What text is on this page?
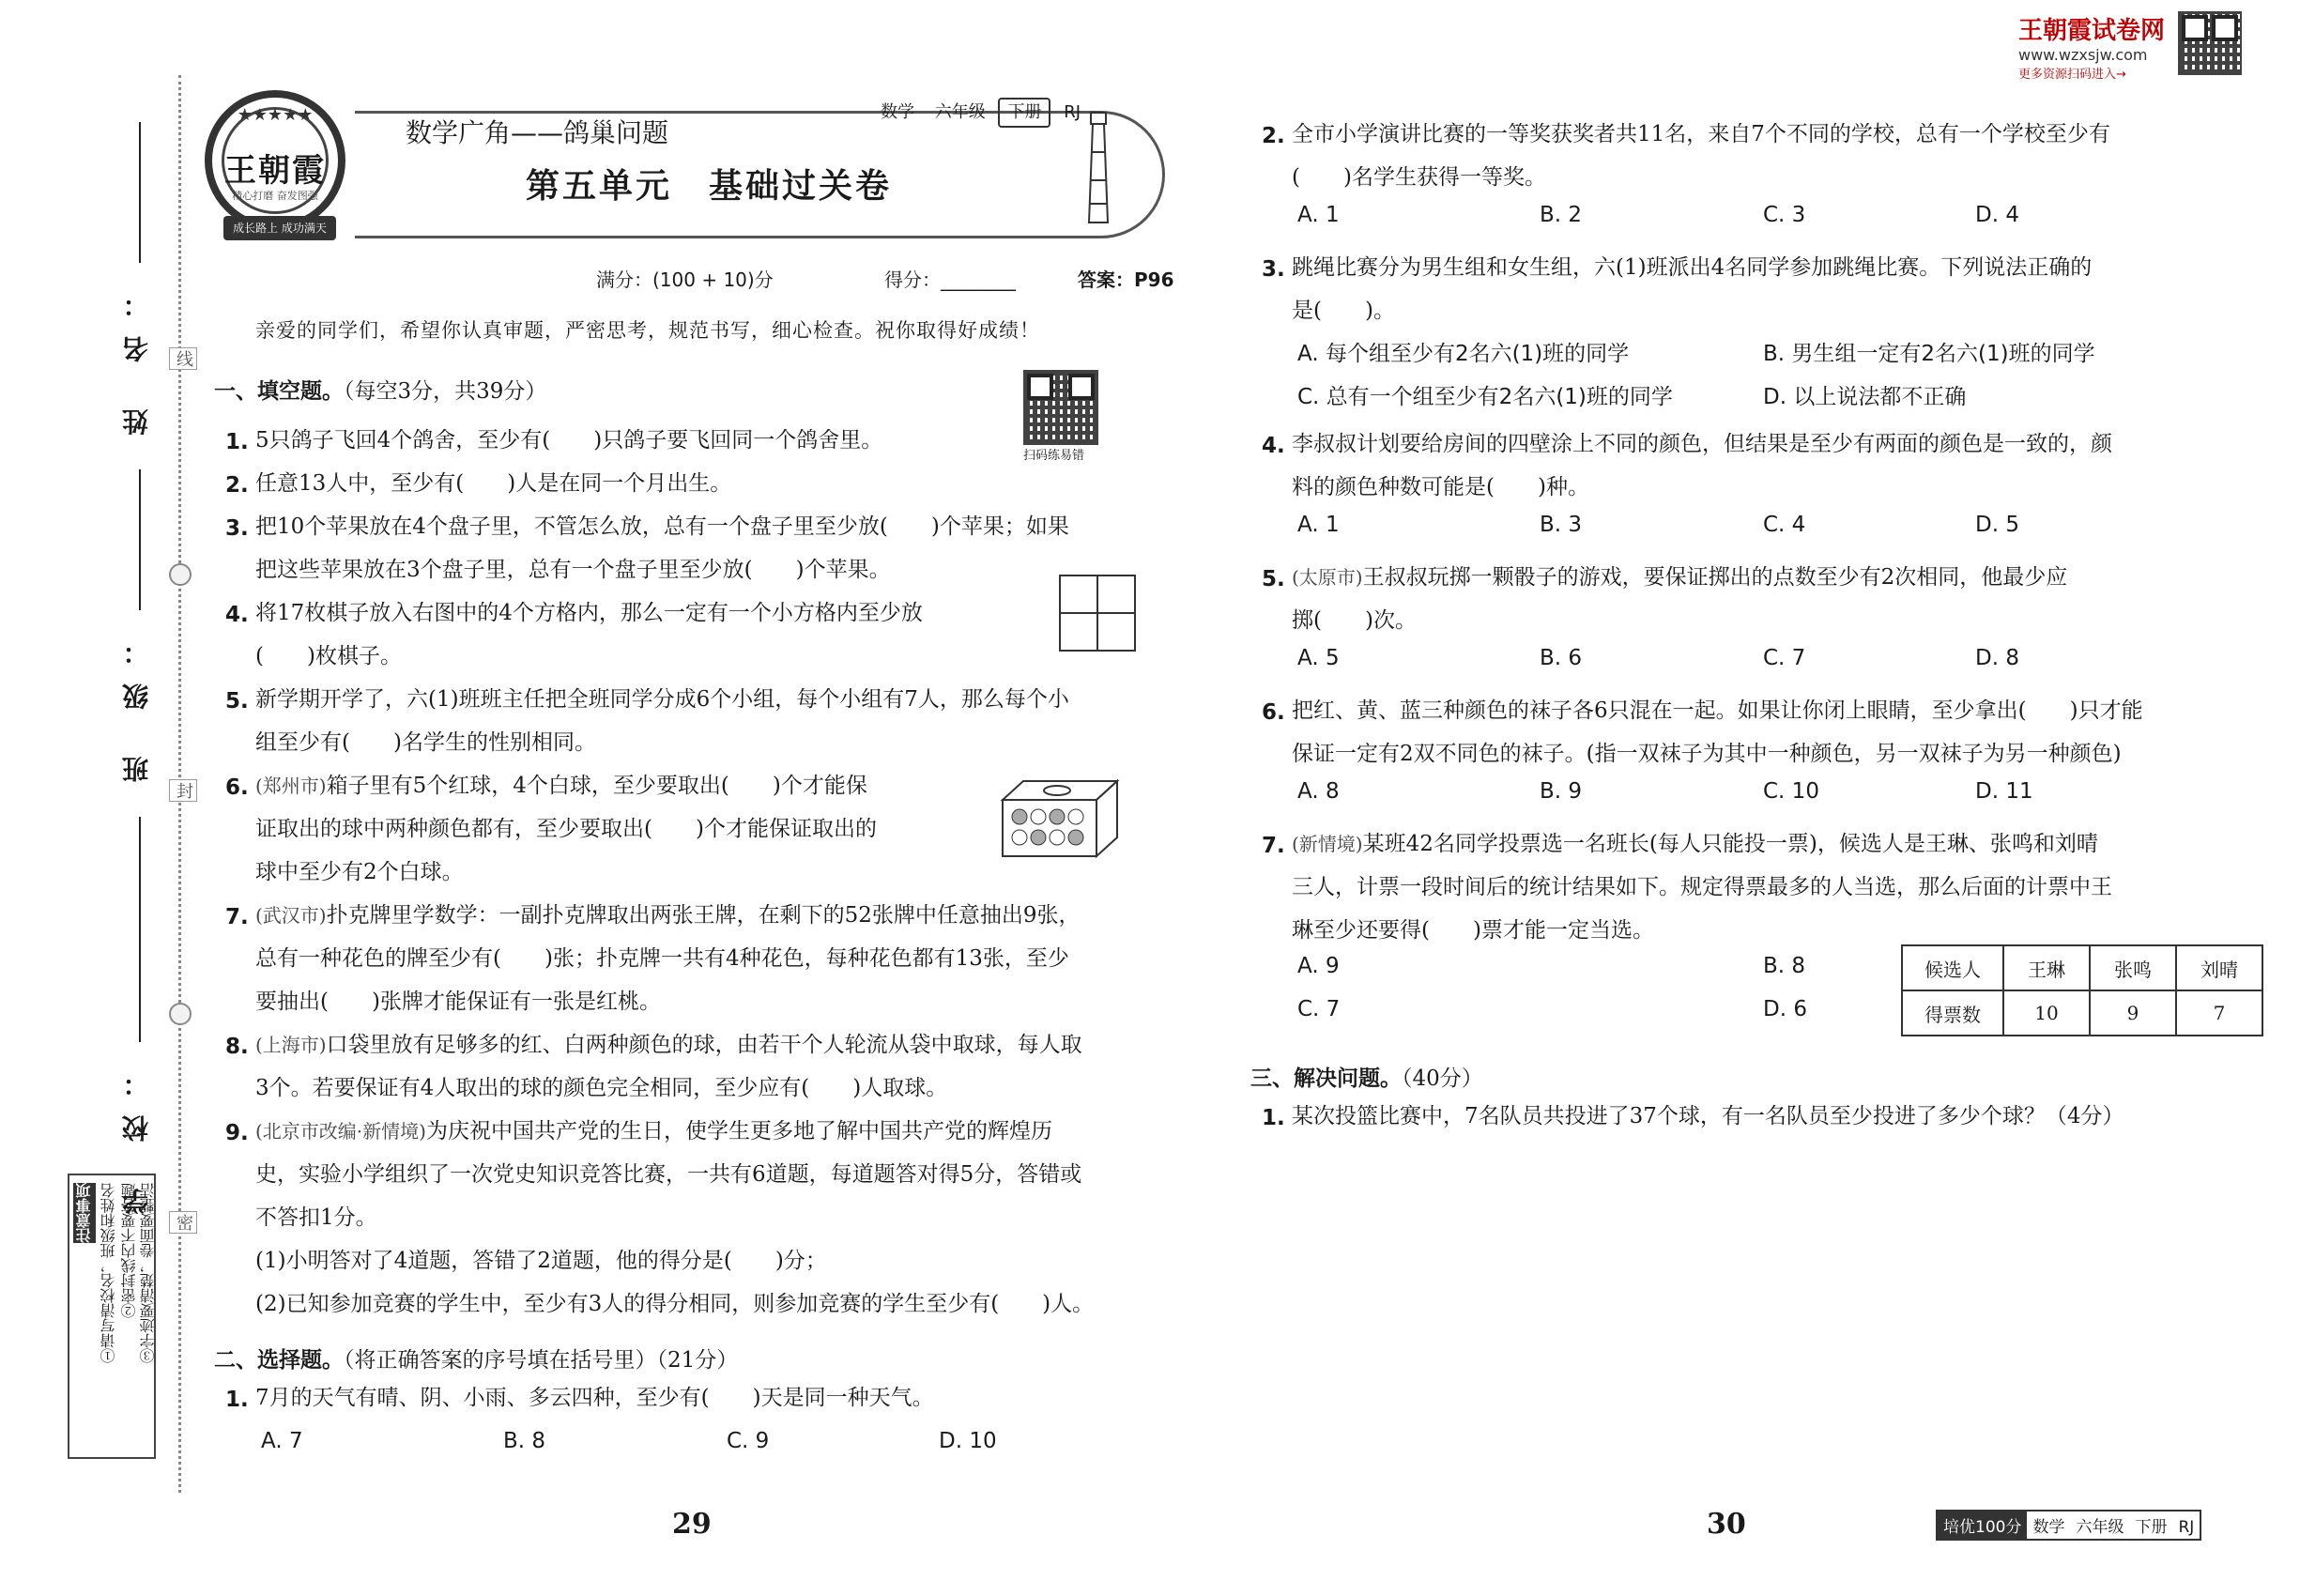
王朝霞试卷网
www.wzxsjw.com
更多资源扫码进入→
姓 名：
班 级：
学 校：
线
封
密
注意事项 ①请写清校名，班级和姓名 ②密封线内不要答题 ③字迹要清楚，卷面要整洁
★★★★★
王朝霞
精心打磨 奋发图强
成长路上 成功满天
数学广角——鸽巢问题
数学 六年级 下册 RJ
第五单元　基础过关卷
满分：(100 + 10)分	得分：________	答案：P96
亲爱的同学们，希望你认真审题，严密思考，规范书写，细心检查。祝你取得好成绩！
一、填空题。（每空3分，共39分）
扫码练易错
1. 5只鸽子飞回4个鸽舍，至少有(　　)只鸽子要飞回同一个鸽舍里。
2. 任意13人中，至少有(　　)人是在同一个月出生。
3. 把10个苹果放在4个盘子里，不管怎么放，总有一个盘子里至少放(　　)个苹果；如果
把这些苹果放在3个盘子里，总有一个盘子里至少放(　　)个苹果。
4. 将17枚棋子放入右图中的4个方格内，那么一定有一个小方格内至少放
(　　)枚棋子。
5. 新学期开学了，六(1)班班主任把全班同学分成6个小组，每个小组有7人，那么每个小
组至少有(　　)名学生的性别相同。
6. (郑州市)箱子里有5个红球，4个白球，至少要取出(　　)个才能保
证取出的球中两种颜色都有，至少要取出(　　)个才能保证取出的
球中至少有2个白球。
7. (武汉市)扑克牌里学数学：一副扑克牌取出两张王牌，在剩下的52张牌中任意抽出9张，
总有一种花色的牌至少有(　　)张；扑克牌一共有4种花色，每种花色都有13张，至少
要抽出(　　)张牌才能保证有一张是红桃。
8. (上海市)口袋里放有足够多的红、白两种颜色的球，由若干个人轮流从袋中取球，每人取
3个。若要保证有4人取出的球的颜色完全相同，至少应有(　　)人取球。
9. (北京市改编·新情境)为庆祝中国共产党的生日，使学生更多地了解中国共产党的辉煌历
史，实验小学组织了一次党史知识竞答比赛，一共有6道题，每道题答对得5分，答错或
不答扣1分。
(1)小明答对了4道题，答错了2道题，他的得分是(　　)分；
(2)已知参加竞赛的学生中，至少有3人的得分相同，则参加竞赛的学生至少有(　　)人。
二、选择题。（将正确答案的序号填在括号里）（21分）
1. 7月的天气有晴、阴、小雨、多云四种，至少有(　　)天是同一种天气。
A. 7	B. 8	C. 9	D. 10
2. 全市小学演讲比赛的一等奖获奖者共11名，来自7个不同的学校，总有一个学校至少有
(　　)名学生获得一等奖。
A. 1	B. 2	C. 3	D. 4
3. 跳绳比赛分为男生组和女生组，六(1)班派出4名同学参加跳绳比赛。下列说法正确的
是(　　)。
A. 每个组至少有2名六(1)班的同学	B. 男生组一定有2名六(1)班的同学
C. 总有一个组至少有2名六(1)班的同学	D. 以上说法都不正确
4. 李叔叔计划要给房间的四壁涂上不同的颜色，但结果是至少有两面的颜色是一致的，颜
料的颜色种数可能是(　　)种。
A. 1	B. 3	C. 4	D. 5
5. (太原市)王叔叔玩掷一颗骰子的游戏，要保证掷出的点数至少有2次相同，他最少应
掷(　　)次。
A. 5	B. 6	C. 7	D. 8
6. 把红、黄、蓝三种颜色的袜子各6只混在一起。如果让你闭上眼睛，至少拿出(　　)只才能
保证一定有2双不同色的袜子。(指一双袜子为其中一种颜色，另一双袜子为另一种颜色)
A. 8	B. 9	C. 10	D. 11
7. (新情境)某班42名同学投票选一名班长(每人只能投一票)，候选人是王琳、张鸣和刘晴
三人，计票一段时间后的统计结果如下。规定得票最多的人当选，那么后面的计票中王
琳至少还要得(　　)票才能一定当选。
A. 9	B. 8
C. 7	D. 6
候选人	王琳	张鸣	刘晴
得票数	10	9	7
三、解决问题。（40分）
1. 某次投篮比赛中，7名队员共投进了37个球，有一名队员至少投进了多少个球？（4分）
29	30	培优100分 数学 六年级 下册 RJ
